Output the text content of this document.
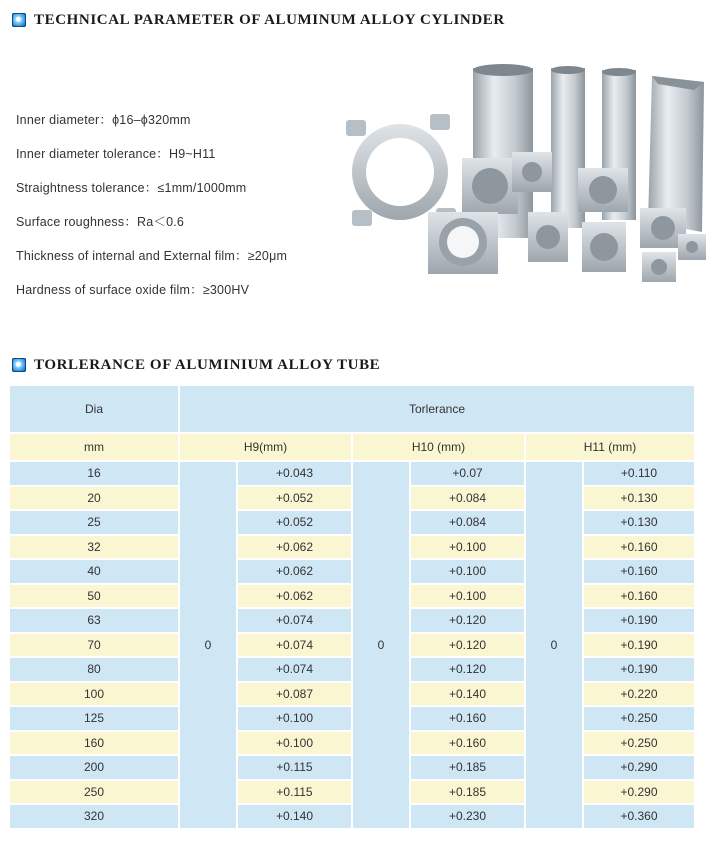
TECHNICAL PARAMETER OF ALUMINUM ALLOY CYLINDER
Inner diameter：ϕ16–ϕ320mm
Inner diameter tolerance：H9~H11
Straightness tolerance：≤1mm/1000mm
Surface roughness：Ra＜0.6
Thickness of internal and External film：≥20μm
Hardness of surface oxide film：≥300HV
TORLERANCE OF ALUMINIUM ALLOY TUBE
Dia	Torlerance					
mm	H9(mm)		H10 (mm)		H11 (mm)	
16	0	+0.043	0	+0.07	0	+0.110
20		+0.052		+0.084		+0.130
25		+0.052		+0.084		+0.130
32		+0.062		+0.100		+0.160
40		+0.062		+0.100		+0.160
50		+0.062		+0.100		+0.160
63		+0.074		+0.120		+0.190
70		+0.074		+0.120		+0.190
80		+0.074		+0.120		+0.190
100		+0.087		+0.140		+0.220
125		+0.100		+0.160		+0.250
160		+0.100		+0.160		+0.250
200		+0.115		+0.185		+0.290
250		+0.115		+0.185		+0.290
320		+0.140		+0.230		+0.360
